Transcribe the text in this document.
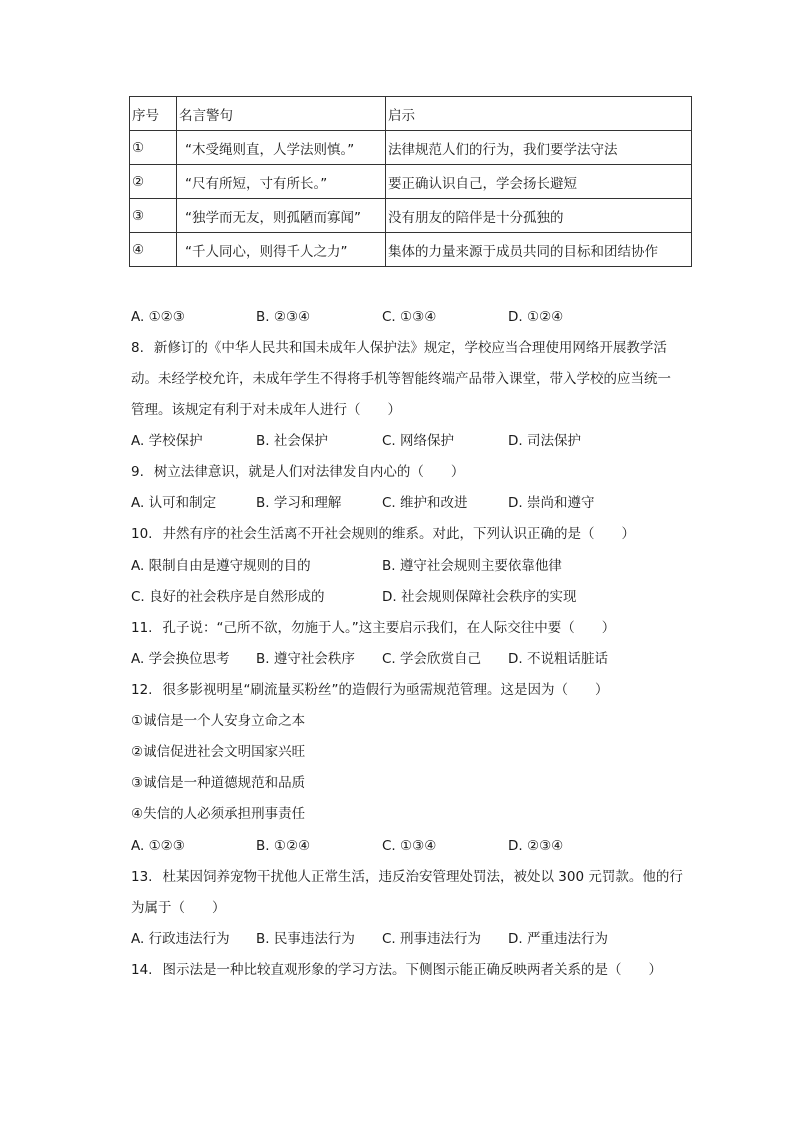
序号	名言警句	启示
①	“木受绳则直，人学法则慎。”	法律规范人们的行为，我们要学法守法
②	“尺有所短，寸有所长。”	要正确认识自己，学会扬长避短
③	“独学而无友，则孤陋而寡闻”	没有朋友的陪伴是十分孤独的
④	“千人同心，则得千人之力”	集体的力量来源于成员共同的目标和团结协作
A. ①②③	B. ②③④	C. ①③④	D. ①②④
8. 新修订的《中华人民共和国未成年人保护法》规定，学校应当合理使用网络开展教学活
动。未经学校允许，未成年学生不得将手机等智能终端产品带入课堂，带入学校的应当统一
管理。该规定有利于对未成年人进行（　　）
A. 学校保护	B. 社会保护	C. 网络保护	D. 司法保护
9. 树立法律意识，就是人们对法律发自内心的（　　）
A. 认可和制定	B. 学习和理解	C. 维护和改进	D. 崇尚和遵守
10. 井然有序的社会生活离不开社会规则的维系。对此，下列认识正确的是（　　）
A. 限制自由是遵守规则的目的	B. 遵守社会规则主要依靠他律
C. 良好的社会秩序是自然形成的	D. 社会规则保障社会秩序的实现
11. 孔子说：“己所不欲，勿施于人。”这主要启示我们，在人际交往中要（　　）
A. 学会换位思考 B. 遵守社会秩序 C. 学会欣赏自己 D. 不说粗话脏话
12. 很多影视明星“刷流量买粉丝”的造假行为亟需规范管理。这是因为（　　）
①诚信是一个人安身立命之本
②诚信促进社会文明国家兴旺
③诚信是一种道德规范和品质
④失信的人必须承担刑事责任
A. ①②③	B. ①②④	C. ①③④	D. ②③④
13. 杜某因饲养宠物干扰他人正常生活，违反治安管理处罚法，被处以 300 元罚款。他的行
为属于（　　）
A. 行政违法行为 B. 民事违法行为 C. 刑事违法行为 D. 严重违法行为
14. 图示法是一种比较直观形象的学习方法。下侧图示能正确反映两者关系的是（　　）
